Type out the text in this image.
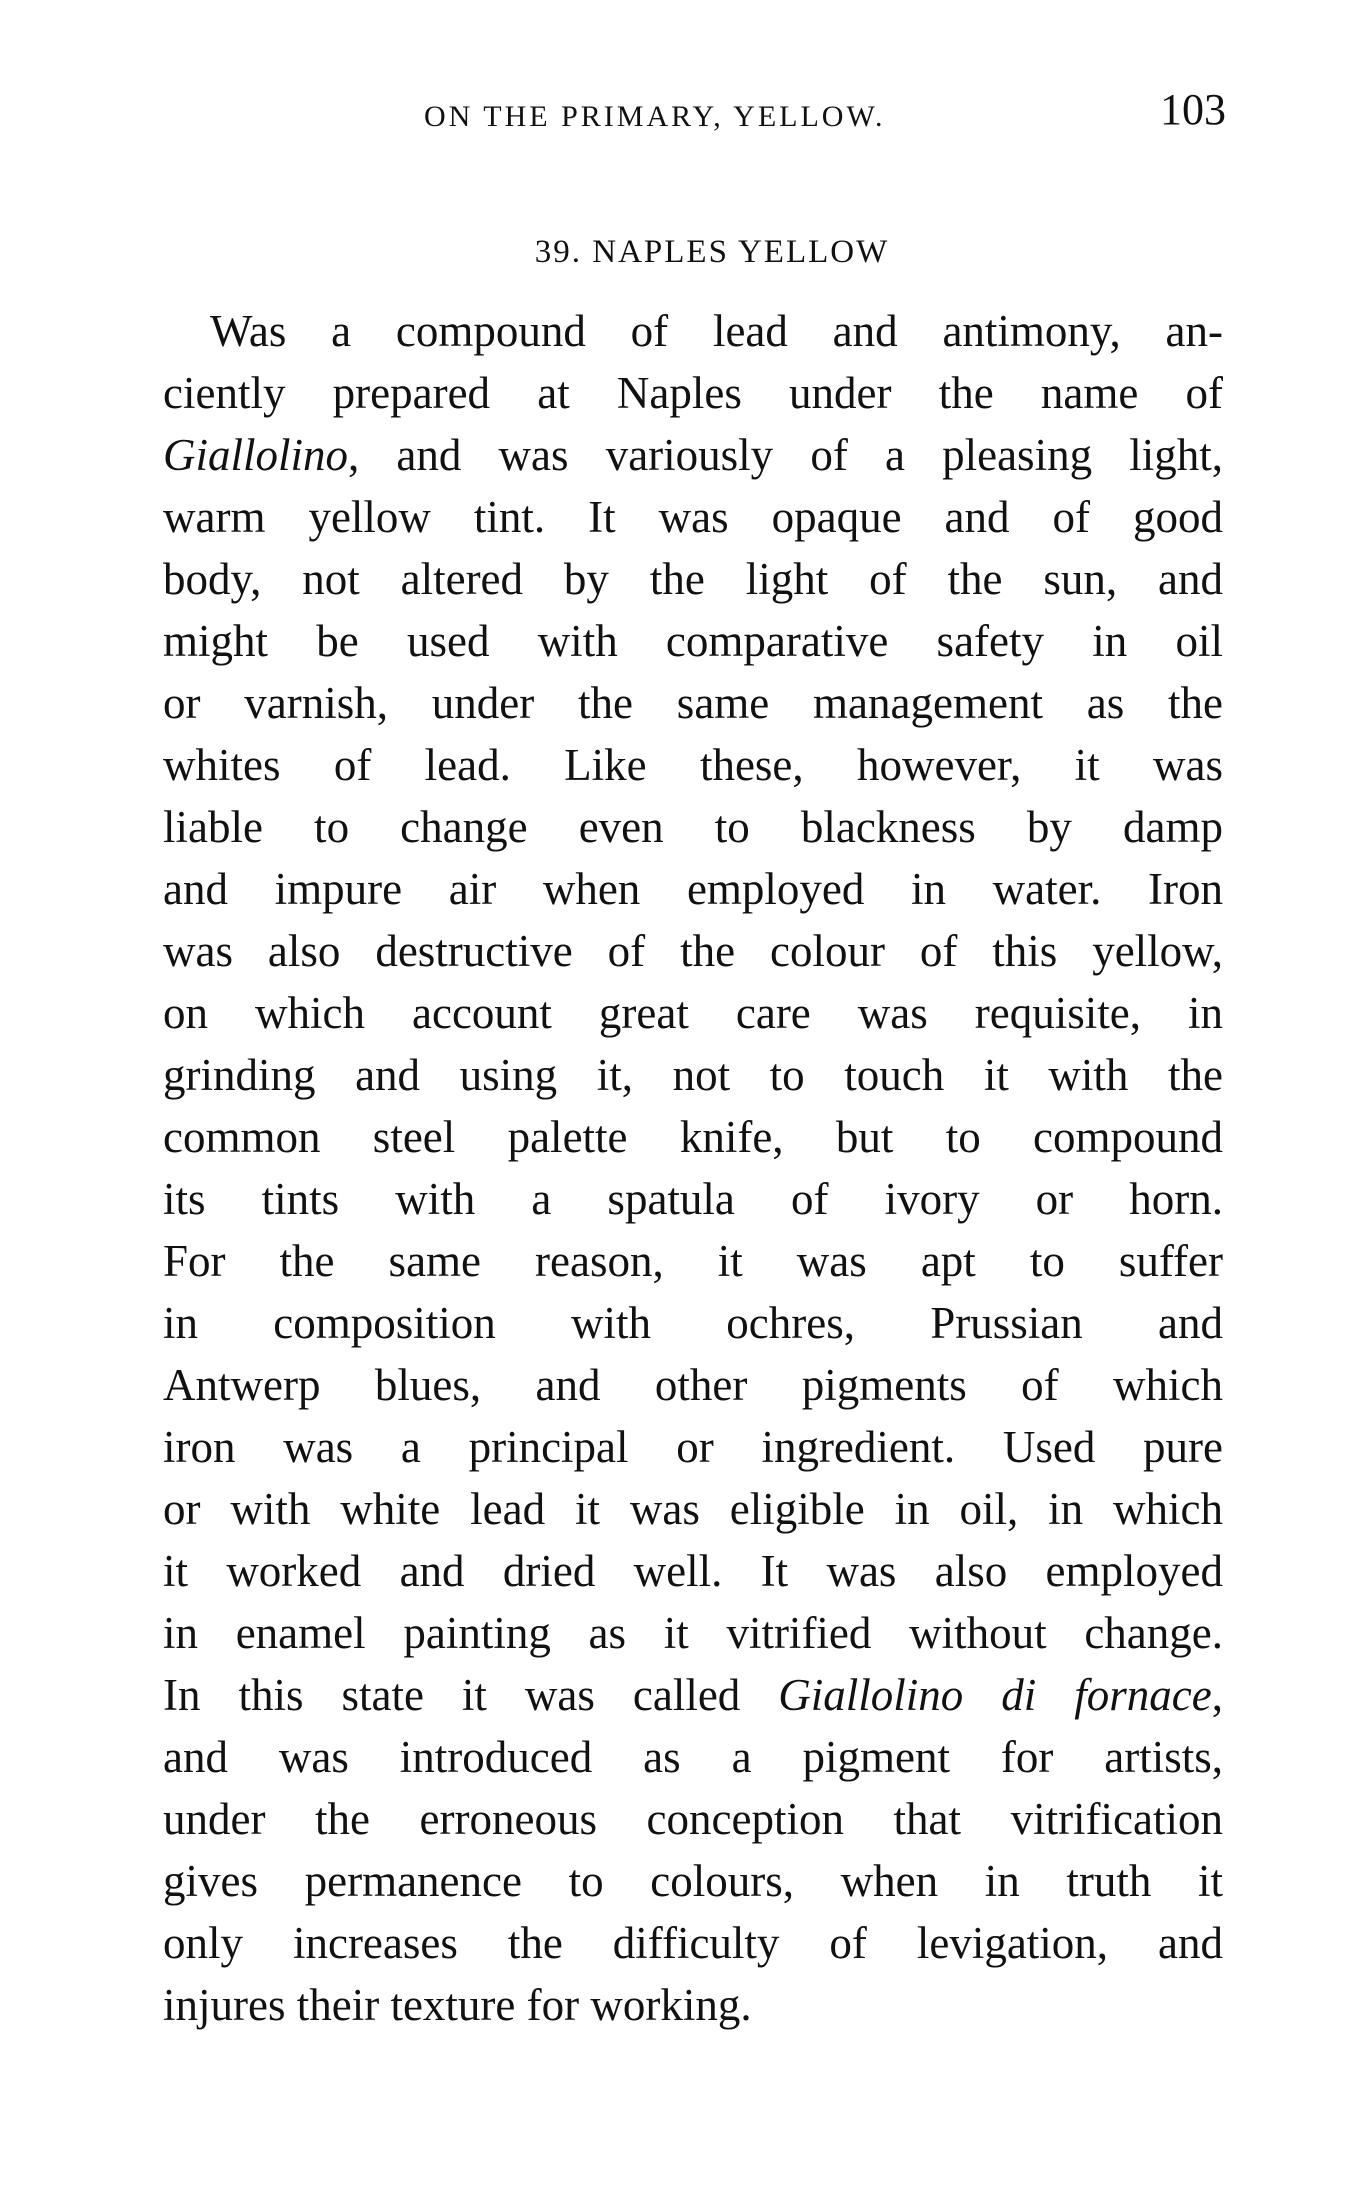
ON THE PRIMARY, YELLOW.	103
39. NAPLES YELLOW
Was a compound of lead and antimony, an-
ciently prepared at Naples under the name of
Giallolino, and was variously of a pleasing light,
warm yellow tint. It was opaque and of good
body, not altered by the light of the sun, and
might be used with comparative safety in oil
or varnish, under the same management as the
whites of lead. Like these, however, it was
liable to change even to blackness by damp
and impure air when employed in water. Iron
was also destructive of the colour of this yellow,
on which account great care was requisite, in
grinding and using it, not to touch it with the
common steel palette knife, but to compound
its tints with a spatula of ivory or horn.
For the same reason, it was apt to suffer
in composition with ochres, Prussian and
Antwerp blues, and other pigments of which
iron was a principal or ingredient. Used pure
or with white lead it was eligible in oil, in which
it worked and dried well. It was also employed
in enamel painting as it vitrified without change.
In this state it was called Giallolino di fornace,
and was introduced as a pigment for artists,
under the erroneous conception that vitrification
gives permanence to colours, when in truth it
only increases the difficulty of levigation, and
injures their texture for working.
